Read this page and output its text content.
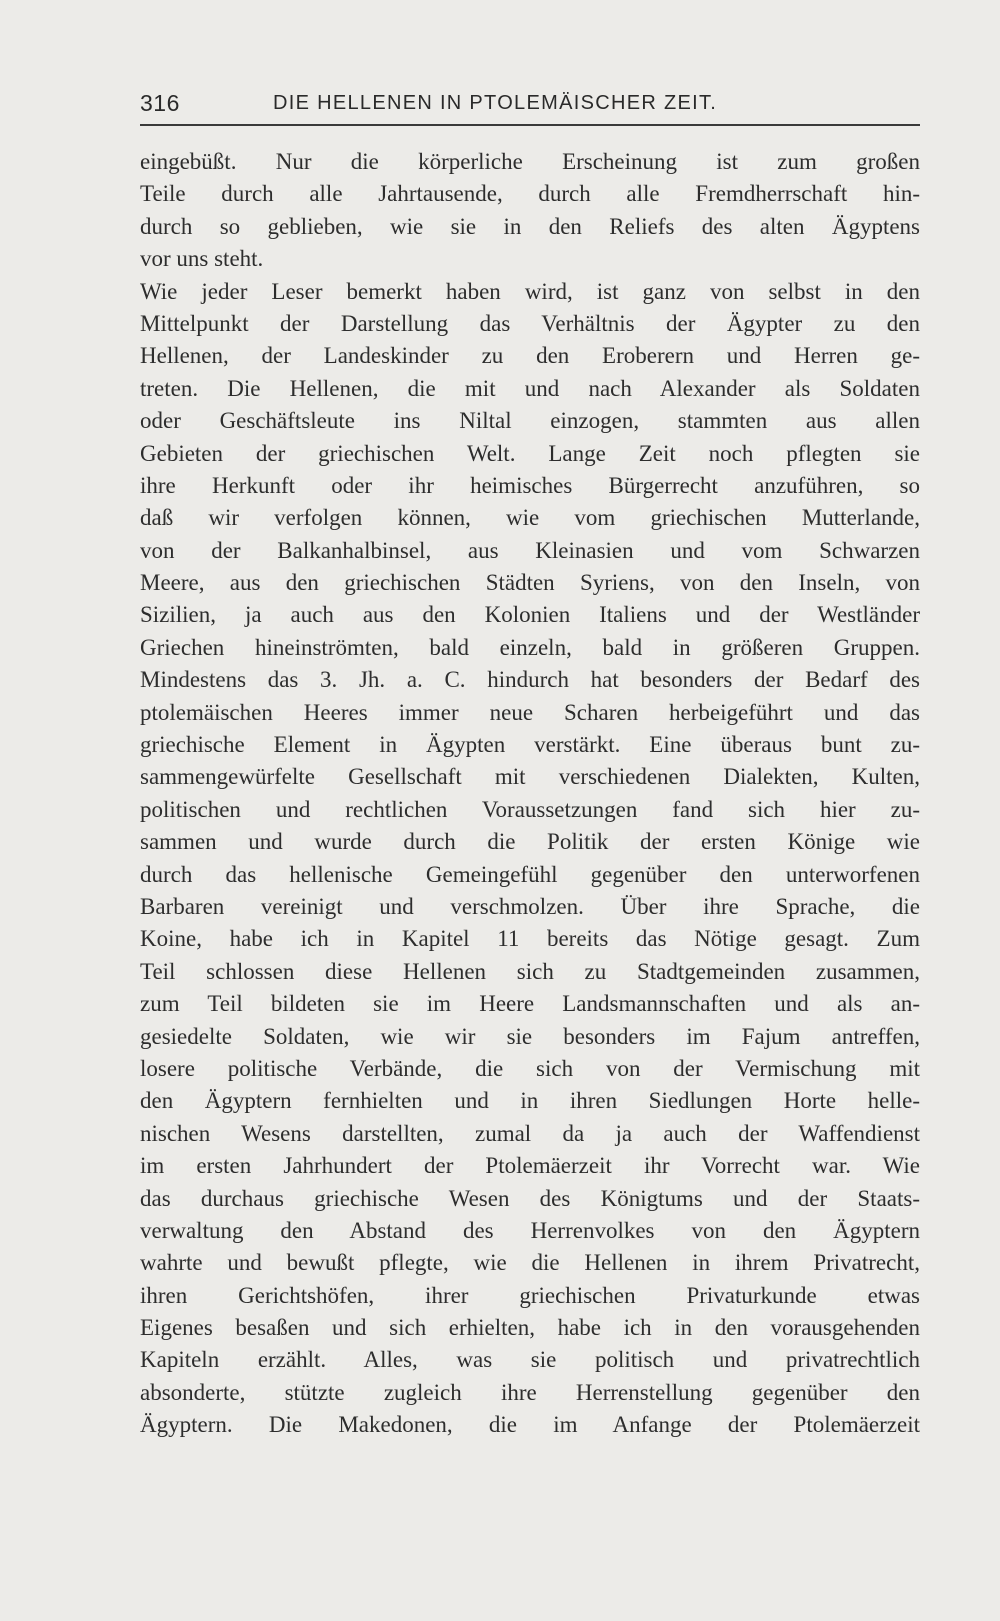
316	DIE HELLENEN IN PTOLEMÄISCHER ZEIT.
eingebüßt. Nur die körperliche Erscheinung ist zum großen
Teile durch alle Jahrtausende, durch alle Fremdherrschaft hin-
durch so geblieben, wie sie in den Reliefs des alten Ägyptens
vor uns steht.
Wie jeder Leser bemerkt haben wird, ist ganz von selbst in den
Mittelpunkt der Darstellung das Verhältnis der Ägypter zu den
Hellenen, der Landeskinder zu den Eroberern und Herren ge-
treten. Die Hellenen, die mit und nach Alexander als Soldaten
oder Geschäftsleute ins Niltal einzogen, stammten aus allen
Gebieten der griechischen Welt. Lange Zeit noch pflegten sie
ihre Herkunft oder ihr heimisches Bürgerrecht anzuführen, so
daß wir verfolgen können, wie vom griechischen Mutterlande,
von der Balkanhalbinsel, aus Kleinasien und vom Schwarzen
Meere, aus den griechischen Städten Syriens, von den Inseln, von
Sizilien, ja auch aus den Kolonien Italiens und der Westländer
Griechen hineinströmten, bald einzeln, bald in größeren Gruppen.
Mindestens das 3. Jh. a. C. hindurch hat besonders der Bedarf des
ptolemäischen Heeres immer neue Scharen herbeigeführt und das
griechische Element in Ägypten verstärkt. Eine überaus bunt zu-
sammengewürfelte Gesellschaft mit verschiedenen Dialekten, Kulten,
politischen und rechtlichen Voraussetzungen fand sich hier zu-
sammen und wurde durch die Politik der ersten Könige wie
durch das hellenische Gemeingefühl gegenüber den unterworfenen
Barbaren vereinigt und verschmolzen. Über ihre Sprache, die
Koine, habe ich in Kapitel 11 bereits das Nötige gesagt. Zum
Teil schlossen diese Hellenen sich zu Stadtgemeinden zusammen,
zum Teil bildeten sie im Heere Landsmannschaften und als an-
gesiedelte Soldaten, wie wir sie besonders im Fajum antreffen,
losere politische Verbände, die sich von der Vermischung mit
den Ägyptern fernhielten und in ihren Siedlungen Horte helle-
nischen Wesens darstellten, zumal da ja auch der Waffendienst
im ersten Jahrhundert der Ptolemäerzeit ihr Vorrecht war. Wie
das durchaus griechische Wesen des Königtums und der Staats-
verwaltung den Abstand des Herrenvolkes von den Ägyptern
wahrte und bewußt pflegte, wie die Hellenen in ihrem Privatrecht,
ihren Gerichtshöfen, ihrer griechischen Privaturkunde etwas
Eigenes besaßen und sich erhielten, habe ich in den vorausgehenden
Kapiteln erzählt. Alles, was sie politisch und privatrechtlich
absonderte, stützte zugleich ihre Herrenstellung gegenüber den
Ägyptern. Die Makedonen, die im Anfange der Ptolemäerzeit
